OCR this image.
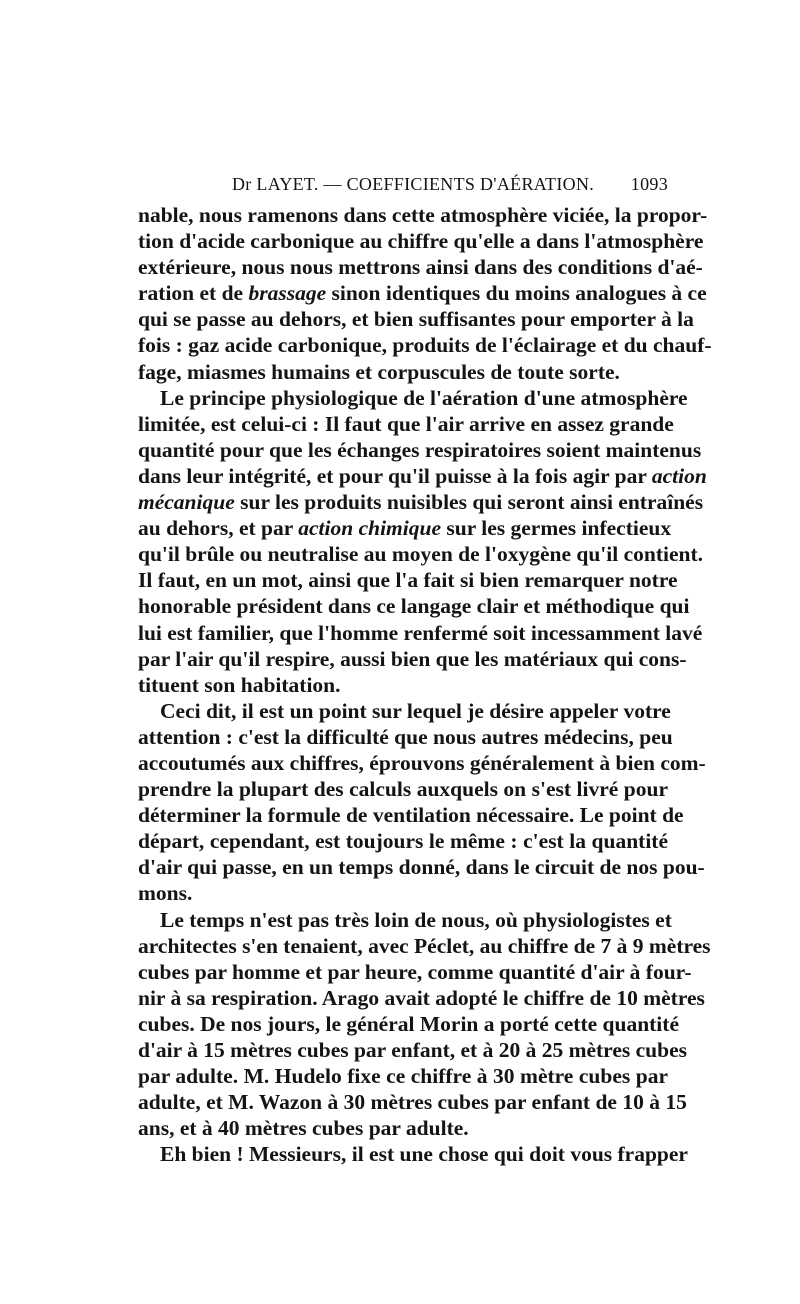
Dr LAYET. — COEFFICIENTS D'AÉRATION. 1093
nable, nous ramenons dans cette atmosphère viciée, la propor-
tion d'acide carbonique au chiffre qu'elle a dans l'atmosphère
extérieure, nous nous mettrons ainsi dans des conditions d'aé-
ration et de brassage sinon identiques du moins analogues à ce
qui se passe au dehors, et bien suffisantes pour emporter à la
fois : gaz acide carbonique, produits de l'éclairage et du chauf-
fage, miasmes humains et corpuscules de toute sorte.
Le principe physiologique de l'aération d'une atmosphère
limitée, est celui-ci : Il faut que l'air arrive en assez grande
quantité pour que les échanges respiratoires soient maintenus
dans leur intégrité, et pour qu'il puisse à la fois agir par action
mécanique sur les produits nuisibles qui seront ainsi entraînés
au dehors, et par action chimique sur les germes infectieux
qu'il brûle ou neutralise au moyen de l'oxygène qu'il contient.
Il faut, en un mot, ainsi que l'a fait si bien remarquer notre
honorable président dans ce langage clair et méthodique qui
lui est familier, que l'homme renfermé soit incessamment lavé
par l'air qu'il respire, aussi bien que les matériaux qui cons-
tituent son habitation.
Ceci dit, il est un point sur lequel je désire appeler votre
attention : c'est la difficulté que nous autres médecins, peu
accoutumés aux chiffres, éprouvons généralement à bien com-
prendre la plupart des calculs auxquels on s'est livré pour
déterminer la formule de ventilation nécessaire. Le point de
départ, cependant, est toujours le même : c'est la quantité
d'air qui passe, en un temps donné, dans le circuit de nos pou-
mons.
Le temps n'est pas très loin de nous, où physiologistes et
architectes s'en tenaient, avec Péclet, au chiffre de 7 à 9 mètres
cubes par homme et par heure, comme quantité d'air à four-
nir à sa respiration. Arago avait adopté le chiffre de 10 mètres
cubes. De nos jours, le général Morin a porté cette quantité
d'air à 15 mètres cubes par enfant, et à 20 à 25 mètres cubes
par adulte. M. Hudelo fixe ce chiffre à 30 mètre cubes par
adulte, et M. Wazon à 30 mètres cubes par enfant de 10 à 15
ans, et à 40 mètres cubes par adulte.
Eh bien ! Messieurs, il est une chose qui doit vous frapper
